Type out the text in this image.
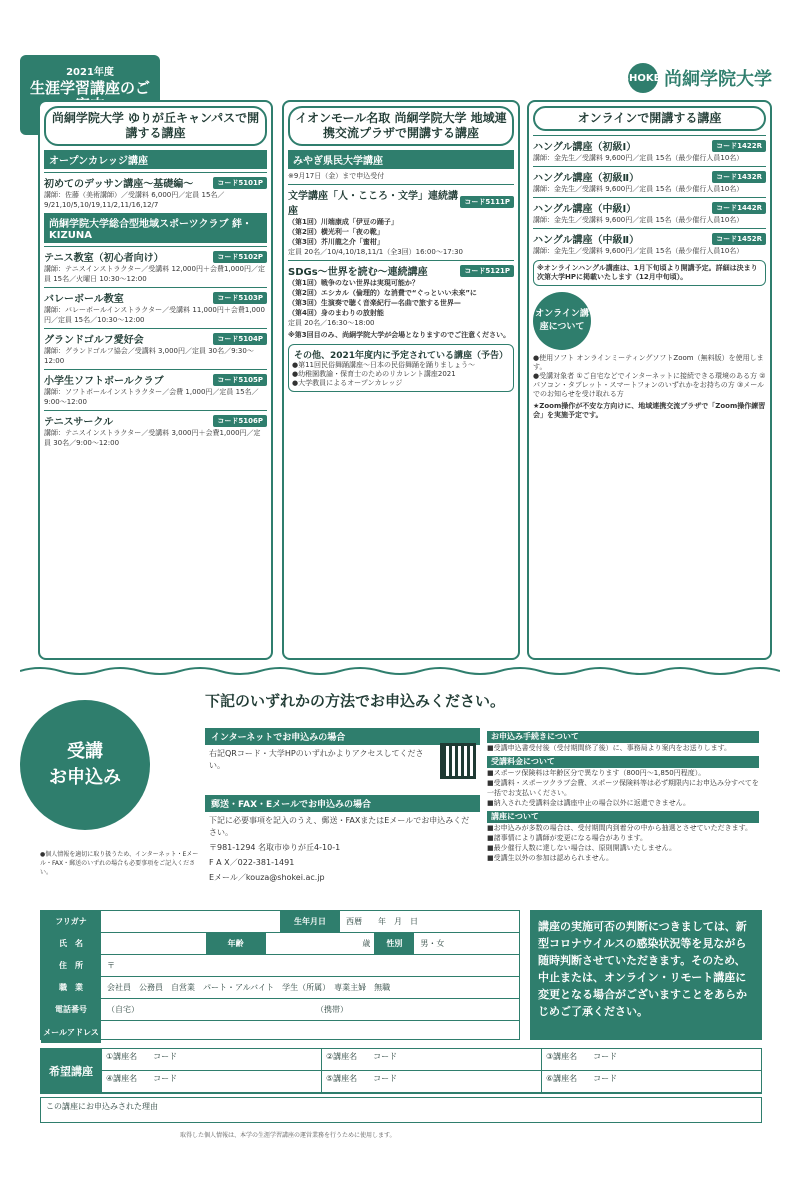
2021年度
生涯学習講座のご
SHOKEI 尚絅学院大学
尚絅学院大学 ゆりが丘キャンパスで開講する講座
オープンカレッジ講座
初めてのデッサン講座～基礎編～	コード5101P
講師：佐藤（美術講師）／受講料 6,000円／定員 15名／9/21,10/5,10/19,11/2,11/16,12/7
尚絅学院大学総合型地域スポーツクラブ 絆・KIZUNA
テニス教室（初心者向け）	コード5102P
講師：テニスインストラクター／受講料 12,000円＋会費1,000円／定員 15名／火曜日 10:30～12:00
バレーボール教室	コード5103P
講師：バレーボールインストラクター／受講料 11,000円＋会費1,000円／定員 15名／10:30～12:00
グランドゴルフ愛好会	コード5104P
講師：グランドゴルフ協会／受講料 3,000円／定員 30名／9:30～12:00
小学生ソフトボールクラブ	コード5105P
講師：ソフトボールインストラクター／会費 1,000円／定員 15名／9:00～12:00
テニスサークル	コード5106P
講師：テニスインストラクター／受講料 3,000円＋会費1,000円／定員 30名／9:00～12:00
イオンモール名取 尚絅学院大学 地域連携交流プラザで開講する講座
みやぎ県民大学講座
※9月17日（金）まで申込受付
文学講座「人・こころ・文学」連続講座
コード5111P
（第1回）川端康成「伊豆の踊子」
（第2回）横光利一「夜の靴」
（第3回）芥川龍之介「蜜柑」
定員 20名／10/4,10/18,11/1（全3回）16:00～17:30
SDGs～世界を読む～連続講座	コード5121P
（第1回）戦争のない世界は実現可能か？
（第2回）エシカル（倫理的）な消費で“ぐっといい未来”に
（第3回）生演奏で聴く音楽紀行—名曲で旅する世界—
（第4回）身のまわりの放射能
定員 20名／16:30～18:00
※第3回目のみ、尚絅学院大学が会場となりますのでご注意ください。
その他、2021年度内に予定されている講座（予告）
●第11回民俗舞踊講座～日本の民俗舞踊を踊りましょう～
●幼稚園教諭・保育士のためのリカレント講座2021
●大学教員によるオープンカレッジ
オンラインで開講する講座
ハングル講座（初級Ⅰ）	コード1422R
講師：金先生／受講料 9,600円／定員 15名（最少催行人員10名）
ハングル講座（初級Ⅱ）	コード1432R
講師：金先生／受講料 9,600円／定員 15名（最少催行人員10名）
ハングル講座（中級Ⅰ）	コード1442R
講師：金先生／受講料 9,600円／定員 15名（最少催行人員10名）
ハングル講座（中級Ⅱ）	コード1452R
講師：金先生／受講料 9,600円／定員 15名（最少催行人員10名）
※オンラインハングル講座は、1月下旬頃より開講予定。詳細は決まり次第大学HPに掲載いたします（12月中旬頃）。
オンライン講座について
●使用ソフト オンラインミーティングソフトZoom（無料版）を使用します。
●受講対象者 ①ご自宅などでインターネットに接続できる環境のある方 ②パソコン・タブレット・スマートフォンのいずれかをお持ちの方 ③メールでのお知らせを受け取れる方
★Zoom操作が不安な方向けに、地域連携交流プラザで「Zoom操作練習会」を実施予定です。
受講
お申込み
下記のいずれかの方法でお申込みください。
インターネットでお申込みの場合
右記QRコード・大学HPのいずれかよりアクセスしてください。
郵送・FAX・Eメールでお申込みの場合
下記に必要事項を記入のうえ、郵送・FAXまたはEメールでお申込みください。
〒981-1294 名取市ゆりが丘4-10-1
F A X／022-381-1491
Eメール／kouza@shokei.ac.jp
●個人情報を適切に取り扱うため、インターネット・Eメール・FAX・郵送のいずれの場合も必要事項をご記入ください。
お申込み手続きについて
■受講申込書受付後（受付期間終了後）に、事務局より案内をお送りします。
受講料金について
■スポーツ保険料は年齢区分で異なります（800円～1,850円程度）。
■受講料・スポーツクラブ会費、スポーツ保険料等は必ず期限内にお申込み分すべてを一括でお支払いください。
■納入された受講料金は講座中止の場合以外に返還できません。
講座について
■お申込みが多数の場合は、受付期間内到着分の中から抽選とさせていただきます。
■諸事情により講師が変更になる場合があります。
■最少催行人数に達しない場合は、原則開講いたしません。
■受講生以外の参加は認められません。
フリガナ	生年月日	西暦　　年　月　日
氏　名	年齢	歳	性別	男・女
住　所	〒
職　業	会社員　公務員　自営業　パート・アルバイト　学生（所属）　専業主婦　無職
電話番号	（自宅）	（携帯）
メールアドレス
講座の実施可否の判断につきましては、新型コロナウイルスの感染状況等を見ながら随時判断させていただきます。そのため、中止または、オンライン・リモート講座に変更となる場合がございますことをあらかじめご了承ください。
希望講座
①講座名　　コード	②講座名　　コード	③講座名　　コード
④講座名　　コード	⑤講座名　　コード	⑥講座名　　コード
この講座にお申込みされた理由
取得した個人情報は、本学の生涯学習講座の運営業務を行うために使用します。
